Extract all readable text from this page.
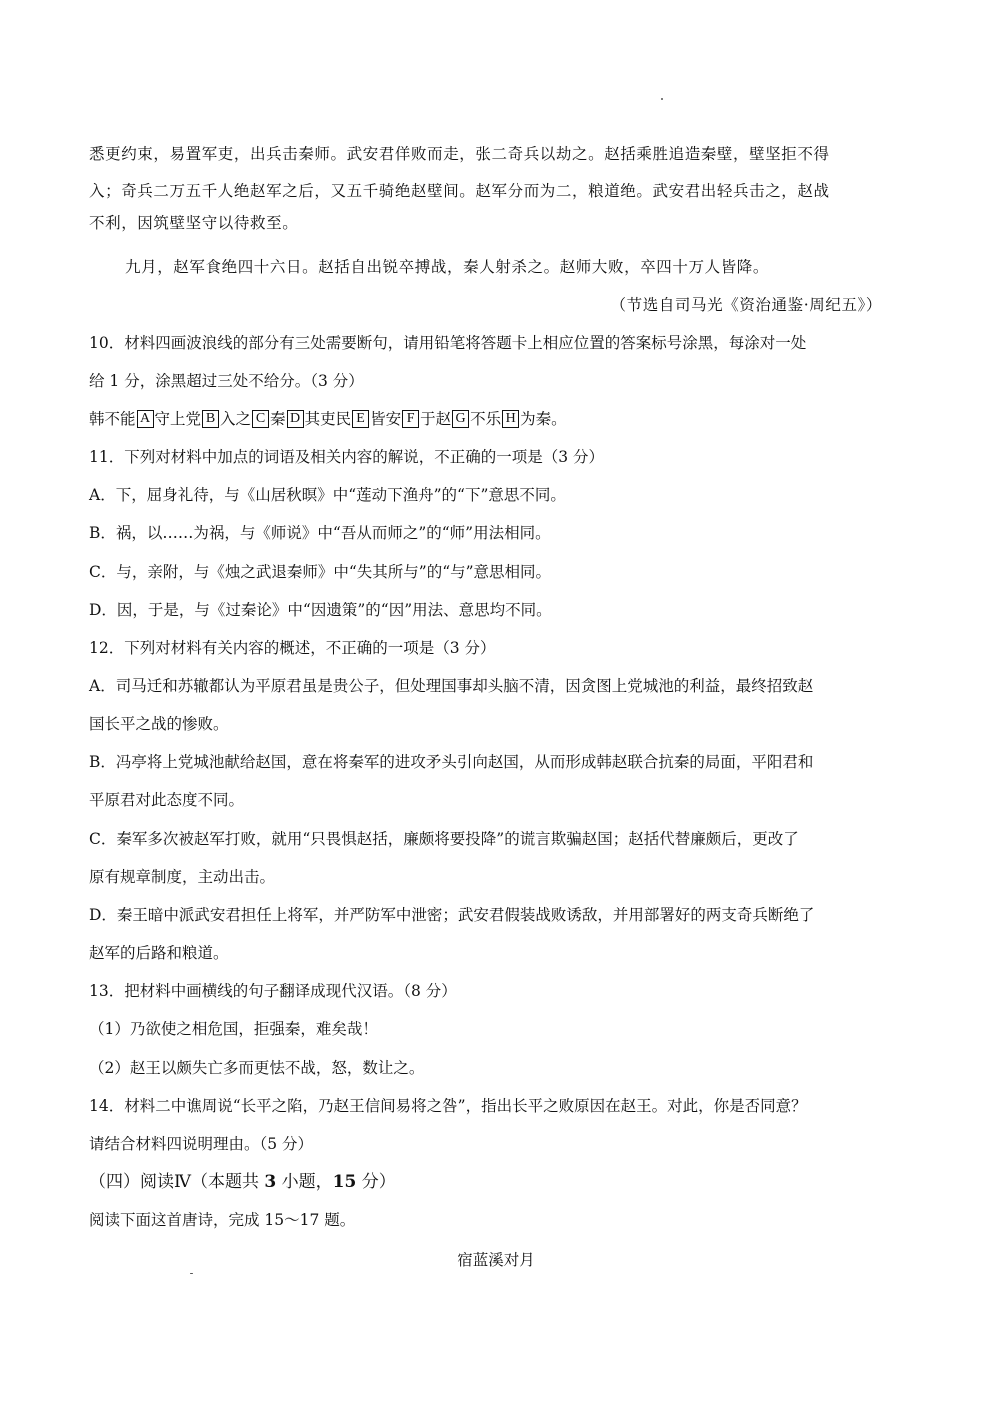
悉更约束，易置军吏，出兵击秦师。武安君佯败而走，张二奇兵以劫之。赵括乘胜追造秦壁，壁坚拒不得
入；奇兵二万五千人绝赵军之后，又五千骑绝赵壁间。赵军分而为二，粮道绝。武安君出轻兵击之，赵战
不利，因筑壁坚守以待救至。
九月，赵军食绝四十六日。赵括自出锐卒搏战，秦人射杀之。赵师大败，卒四十万人皆降。
（节选自司马光《资治通鉴·周纪五》）
10．材料四画波浪线的部分有三处需要断句，请用铅笔将答题卡上相应位置的答案标号涂黑，每涂对一处
给 1 分，涂黑超过三处不给分。（3 分）
韩不能 A 守上党 B 入之 C 秦 D 其吏民 E 皆安 F 于赵 G 不乐 H 为秦。
11．下列对材料中加点的词语及相关内容的解说，不正确的一项是（3 分）
A．下，屈身礼待，与《山居秋暝》中“莲动下渔舟”的“下”意思不同。
B．祸，以……为祸，与《师说》中“吾从而师之”的“师”用法相同。
C．与，亲附，与《烛之武退秦师》中“失其所与”的“与”意思相同。
D．因，于是，与《过秦论》中“因遗策”的“因”用法、意思均不同。
12．下列对材料有关内容的概述，不正确的一项是（3 分）
A．司马迁和苏辙都认为平原君虽是贵公子，但处理国事却头脑不清，因贪图上党城池的利益，最终招致赵
国长平之战的惨败。
B．冯亭将上党城池献给赵国，意在将秦军的进攻矛头引向赵国，从而形成韩赵联合抗秦的局面，平阳君和
平原君对此态度不同。
C．秦军多次被赵军打败，就用“只畏惧赵括，廉颇将要投降”的谎言欺骗赵国；赵括代替廉颇后，更改了
原有规章制度，主动出击。
D．秦王暗中派武安君担任上将军，并严防军中泄密；武安君假装战败诱敌，并用部署好的两支奇兵断绝了
赵军的后路和粮道。
13．把材料中画横线的句子翻译成现代汉语。（8 分）
（1）乃欲使之相危国，拒强秦，难矣哉！
（2）赵王以颇失亡多而更怯不战，怒，数让之。
14．材料二中谯周说“长平之陷，乃赵王信间易将之咎”，指出长平之败原因在赵王。对此，你是否同意？
请结合材料四说明理由。（5 分）
（四）阅读Ⅳ（本题共 3 小题，15 分）
阅读下面这首唐诗，完成 15～17 题。
宿蓝溪对月
